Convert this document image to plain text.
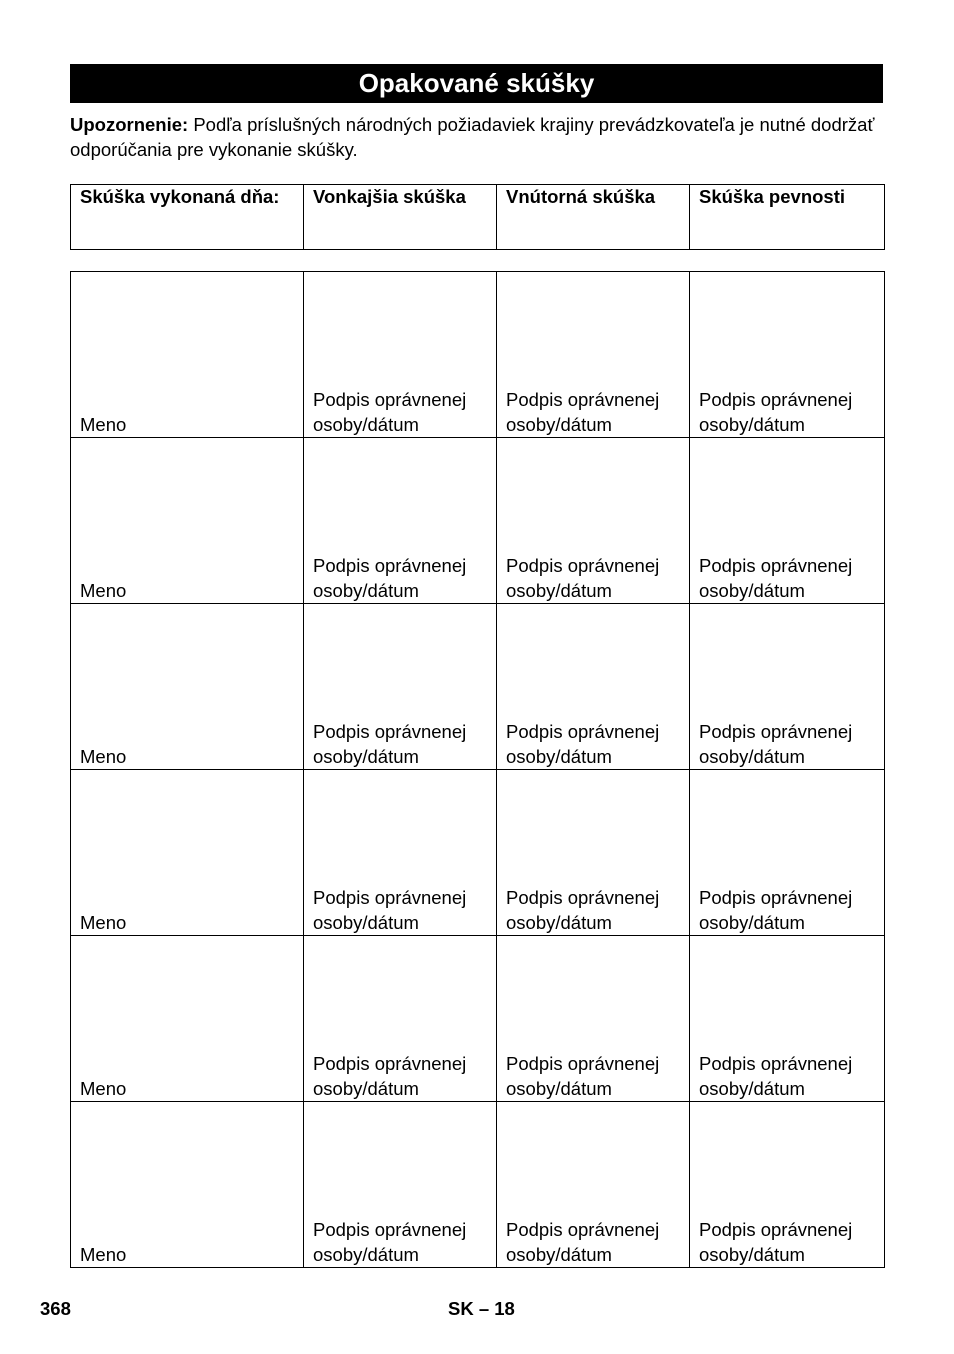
Opakované skúšky
Upozornenie: Podľa príslušných národných požiadaviek krajiny prevádzkovateľa je nutné dodržať odporúčania pre vykonanie skúšky.
Skúška vykonaná dňa:	Vonkajšia skúška	Vnútorná skúška	Skúška pevnosti
Meno	Podpis oprávnenej osoby/dátum	Podpis oprávnenej osoby/dátum	Podpis oprávnenej osoby/dátum
Meno	Podpis oprávnenej osoby/dátum	Podpis oprávnenej osoby/dátum	Podpis oprávnenej osoby/dátum
Meno	Podpis oprávnenej osoby/dátum	Podpis oprávnenej osoby/dátum	Podpis oprávnenej osoby/dátum
Meno	Podpis oprávnenej osoby/dátum	Podpis oprávnenej osoby/dátum	Podpis oprávnenej osoby/dátum
Meno	Podpis oprávnenej osoby/dátum	Podpis oprávnenej osoby/dátum	Podpis oprávnenej osoby/dátum
Meno	Podpis oprávnenej osoby/dátum	Podpis oprávnenej osoby/dátum	Podpis oprávnenej osoby/dátum
368	SK – 18
